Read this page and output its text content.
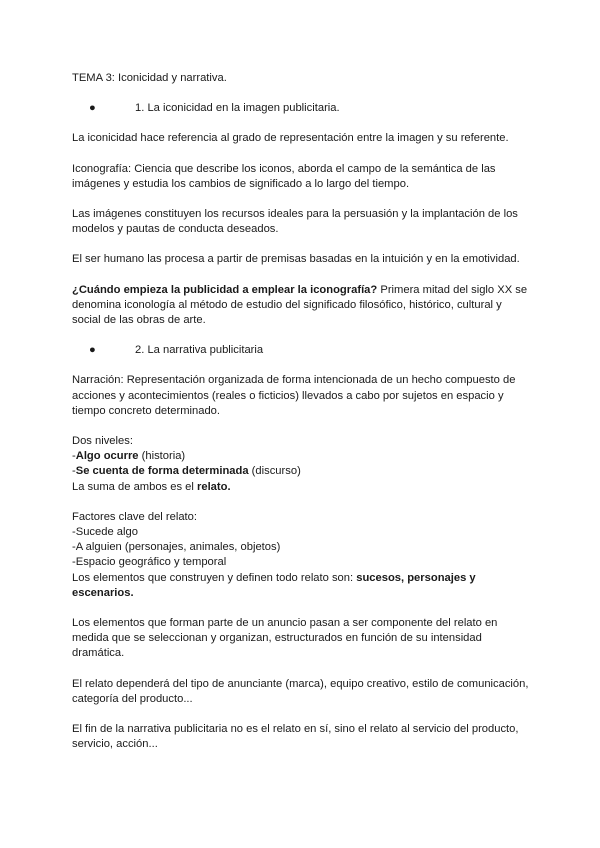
TEMA 3: Iconicidad y narrativa.

●	1. La iconicidad en la imagen publicitaria.

La iconicidad hace referencia al grado de representación entre la imagen y su referente.

Iconografía: Ciencia que describe los iconos, aborda el campo de la semántica de las imágenes y estudia los cambios de significado a lo largo del tiempo.

Las imágenes constituyen los recursos ideales para la persuasión y la implantación de los modelos y pautas de conducta deseados.

El ser humano las procesa a partir de premisas basadas en la intuición y en la emotividad.

¿Cuándo empieza la publicidad a emplear la iconografía? Primera mitad del siglo XX se denomina iconología al método de estudio del significado filosófico, histórico, cultural y social de las obras de arte.

●	2. La narrativa publicitaria

Narración: Representación organizada de forma intencionada de un hecho compuesto de acciones y acontecimientos (reales o ficticios) llevados a cabo por sujetos en espacio y tiempo concreto determinado.

Dos niveles:

-Algo ocurre (historia)

-Se cuenta de forma determinada (discurso)

La suma de ambos es el relato.

Factores clave del relato:

-Sucede algo

-A alguien (personajes, animales, objetos)

-Espacio geográfico y temporal

Los elementos que construyen y definen todo relato son: sucesos, personajes y escenarios.

Los elementos que forman parte de un anuncio pasan a ser componente del relato en medida que se seleccionan y organizan, estructurados en función de su intensidad dramática.

El relato dependerá del tipo de anunciante (marca), equipo creativo, estilo de comunicación, categoría del producto...

El fin de la narrativa publicitaria no es el relato en sí, sino el relato al servicio del producto, servicio, acción...
